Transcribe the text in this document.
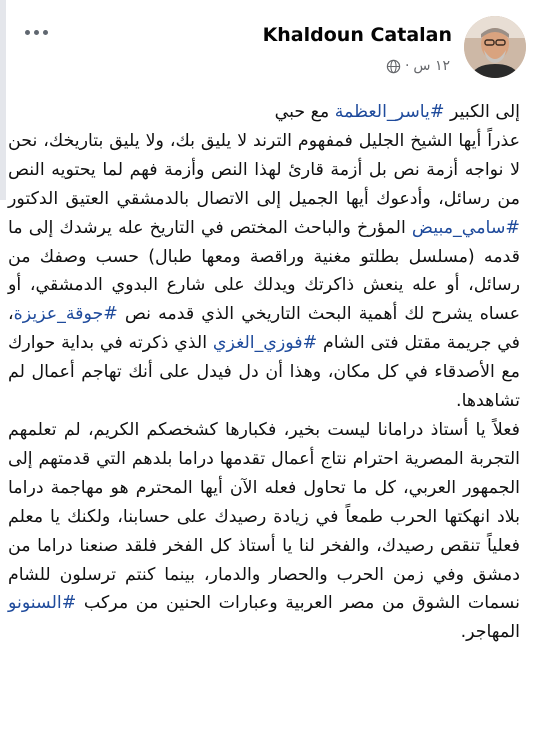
Khaldoun Catalan
١٢ س
·

إلى الكبير #ياسر_العظمة مع حبي

عذراً أيها الشيخ الجليل فمفهوم الترند لا يليق بك، ولا يليق بتاريخك، نحن لا نواجه أزمة نص بل أزمة قارئ لهذا النص وأزمة فهم لما يحتويه النص من رسائل، وأدعوك أيها الجميل إلى الاتصال بالدمشقي العتيق الدكتور #سامي_مبيض المؤرخ والباحث المختص في التاريخ عله يرشدك إلى ما قدمه (مسلسل بطلتو مغنية وراقصة ومعها طبال) حسب وصفك من رسائل، أو عله ينعش ذاكرتك ويدلك على شارع البدوي الدمشقي، أو عساه يشرح لك أهمية البحث التاريخي الذي قدمه نص #جوقة_عزيزة، في جريمة مقتل فتى الشام #فوزي_الغزي الذي ذكرته في بداية حوارك مع الأصدقاء في كل مكان، وهذا أن دل فيدل على أنك تهاجم أعمال لم تشاهدها.

فعلاً يا أستاذ درامانا ليست بخير، فكبارها كشخصكم الكريم، لم تعلمهم التجربة المصرية احترام نتاج أعمال تقدمها دراما بلدهم التي قدمتهم إلى الجمهور العربي، كل ما تحاول فعله الآن أيها المحترم هو مهاجمة دراما بلاد انهكتها الحرب طمعاً في زيادة رصيدك على حسابنا، ولكنك يا معلم فعلياً تنقص رصيدك، والفخر لنا يا أستاذ كل الفخر فلقد صنعنا دراما من دمشق وفي زمن الحرب والحصار والدمار، بينما كنتم ترسلون للشام نسمات الشوق من مصر العربية وعبارات الحنين من مركب #السنونو المهاجر.
